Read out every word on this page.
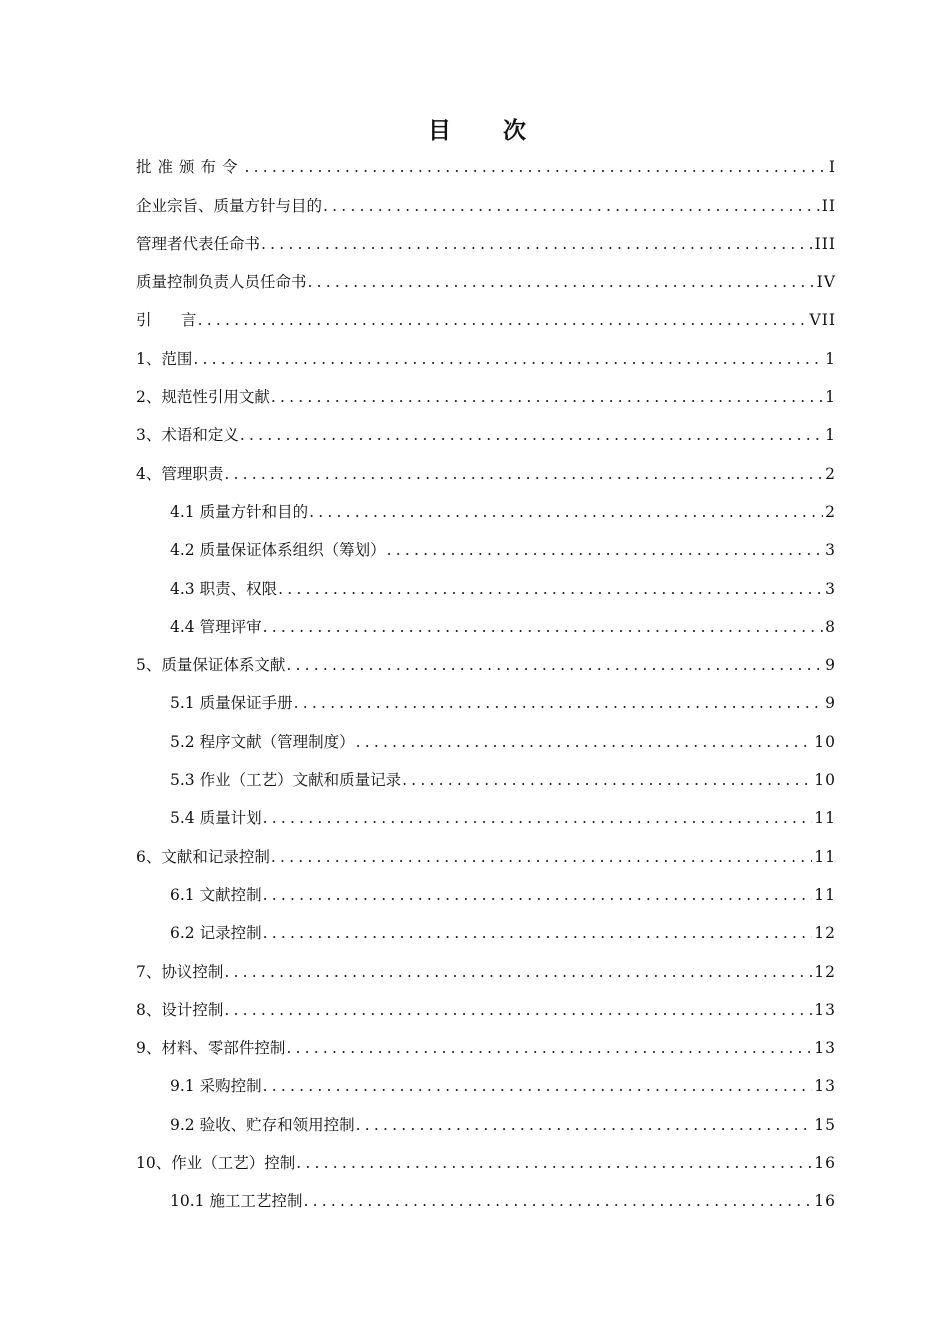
目 次
批准颁布令 .....	I
企业宗旨、质量方针与目的 .....	II
管理者代表任命书 .....	III
质量控制负责人员任命书 .....	IV
引      言 .....	VII
1、范围 .....	1
2、规范性引用文献 .....	1
3、术语和定义 .....	1
4、管理职责 .....	2
4.1 质量方针和目的 .....	2
4.2 质量保证体系组织（筹划） .....	3
4.3 职责、权限 .....	3
4.4 管理评审 .....	8
5、质量保证体系文献 .....	9
5.1 质量保证手册 .....	9
5.2 程序文献（管理制度） .....	10
5.3 作业（工艺）文献和质量记录 .....	10
5.4 质量计划 .....	11
6、文献和记录控制 .....	11
6.1 文献控制 .....	11
6.2 记录控制 .....	12
7、协议控制 .....	12
8、设计控制 .....	13
9、材料、零部件控制 .....	13
9.1 采购控制 .....	13
9.2 验收、贮存和领用控制 .....	15
10、作业（工艺）控制 .....	16
10.1 施工工艺控制 .....	16
